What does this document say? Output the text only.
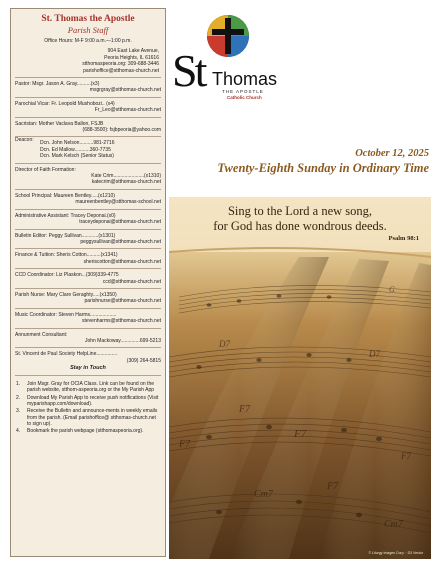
St. Thomas the Apostle
Parish Staff
Office Hours: M-F 9:00 a.m.—1:00 p.m.
904 East Lake Avenue,
Peoria Heights, IL 61616
stthomaspeoria.org: 309-688-3446
parishoffice@stthomas-church.net
Pastor: Msgr. Jason A. Gray..........(x3)
msgrgray@stthomas-church.net
Parochial Vicar: Fr. Leopold Mushobozi.. (x4)
Fr_Leo@stthomas-church.net
Sacristan: Mother Vaclava Ballon, FSJB
(688-3500): fsjbpeoria@yahoo.com
Deacon: Dcn. John Nelson..........981-2716
Dcn. Ed Mallow...........360-7735
Dcn. Mark Kelsch (Senior Status)
Director of Faith Formation:
Kate Crim......................(x1310)
katecrim@stthomas-church.net
School Principal: Maureen Bentley.....(x1210)
maureenbentley@stthomas-school.net
Administrative Assistant: Tracey Deponai.(x0)
traceydeponai@stthomas-church.net
Bulletin Editor: Peggy Sullivan............(x1301)
peggysullivan@stthomas-church.net
Finance & Tuition: Sheris Cotton..........(x1341)
sheriscotton@stthomas-church.net
CCD Coordinator: Liz Plaskon...(309)339-4775
ccd@stthomas-church.net
Parish Nurse: Mary Clare Geraghty.....(x1350)
parishnurse@stthomas-church.net
Music Coordinator: Steven Harms...................
stevenharms@stthomas-church.net
Annunment Consultant:
John Mackoway..............699-5213
St. Vincent de Paul Society HelpLine...............
(309) 264-5815
Stay in Touch
1. Join Msgr. Gray for OCIA Class. Link can be found on the parish website, stthom-aspeoria.org or the My Parish App
2. Download My Parish App to receive push notifications (Visit myparishapp.com/download).
3. Receive the Bulletin and announce-ments in weekly emails from the parish. (Email parishoffice@ stthomas-church.net to sign up).
4. Bookmark the parish webpage (stthomaspeoria.org).
St Thomas
THE APOSTLE
Catholic Church
October 12, 2025
Twenty-Eighth Sunday in Ordinary Time
D7
D7
G
F7
F7
F7
F7
Cm7
F7
Cm7
Sing to the Lord a new song,
for God has done wondrous deeds.
Psalm 98:1
© Liturgy Images Corp. · D3 Vector
